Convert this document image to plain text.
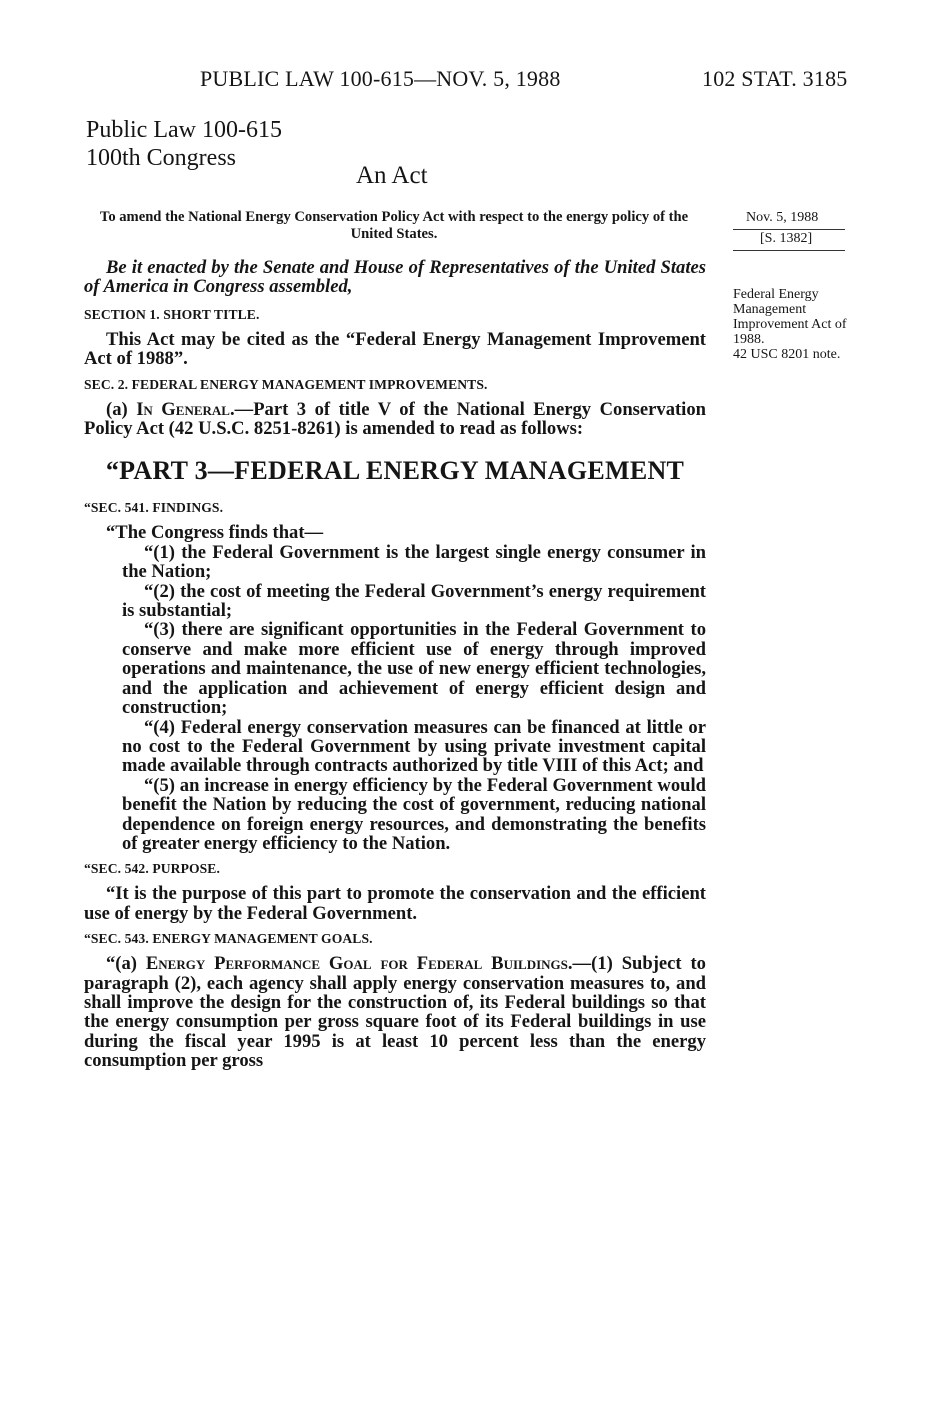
PUBLIC LAW 100-615—NOV. 5, 1988	102 STAT. 3185
Public Law 100-615
100th Congress
An Act
To amend the National Energy Conservation Policy Act with respect to the energy policy of the United States.
Nov. 5, 1988
[S. 1382]
Federal Energy Management Improvement Act of 1988.
42 USC 8201 note.

Be it enacted by the Senate and House of Representatives of the United States of America in Congress assembled,

SECTION 1. SHORT TITLE.

This Act may be cited as the “Federal Energy Management Improvement Act of 1988”.

SEC. 2. FEDERAL ENERGY MANAGEMENT IMPROVEMENTS.

(a) In General.—Part 3 of title V of the National Energy Conservation Policy Act (42 U.S.C. 8251-8261) is amended to read as follows:

“PART 3—FEDERAL ENERGY MANAGEMENT
“SEC. 541. FINDINGS.

“The Congress finds that—

“(1) the Federal Government is the largest single energy consumer in the Nation;

“(2) the cost of meeting the Federal Government’s energy requirement is substantial;

“(3) there are significant opportunities in the Federal Government to conserve and make more efficient use of energy through improved operations and maintenance, the use of new energy efficient technologies, and the application and achievement of energy efficient design and construction;

“(4) Federal energy conservation measures can be financed at little or no cost to the Federal Government by using private investment capital made available through contracts authorized by title VIII of this Act; and

“(5) an increase in energy efficiency by the Federal Government would benefit the Nation by reducing the cost of government, reducing national dependence on foreign energy resources, and demonstrating the benefits of greater energy efficiency to the Nation.

“SEC. 542. PURPOSE.

“It is the purpose of this part to promote the conservation and the efficient use of energy by the Federal Government.

“SEC. 543. ENERGY MANAGEMENT GOALS.

“(a) Energy Performance Goal for Federal Buildings.—(1) Subject to paragraph (2), each agency shall apply energy conservation measures to, and shall improve the design for the construction of, its Federal buildings so that the energy consumption per gross square foot of its Federal buildings in use during the fiscal year 1995 is at least 10 percent less than the energy consumption per gross
